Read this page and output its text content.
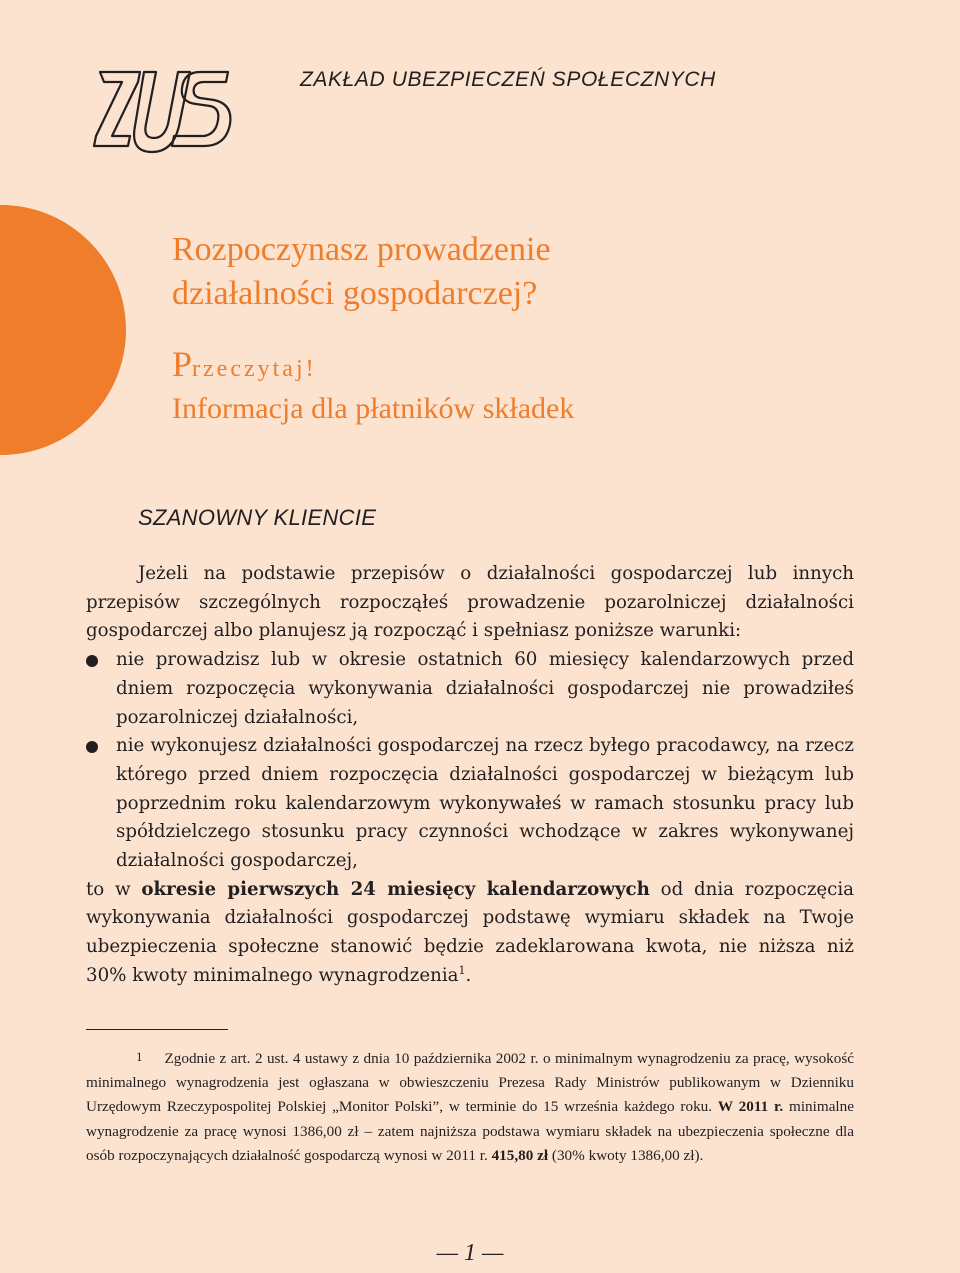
ZAKŁAD UBEZPIECZEŃ SPOŁECZNYCH
Rozpoczynasz prowadzenie
działalności gospodarczej?
Przeczytaj!
Informacja dla płatników składek
SZANOWNY KLIENCIE

Jeżeli na podstawie przepisów o działalności gospodarczej lub innych przepisów szczególnych rozpocząłeś prowadzenie pozarolniczej działalności gospodarczej albo planujesz ją rozpocząć i spełniasz poniższe warunki:

nie prowadzisz lub w okresie ostatnich 60 miesięcy kalendarzowych przed dniem rozpoczęcia wykonywania działalności gospodarczej nie prowadziłeś pozarolniczej działalności,

nie wykonujesz działalności gospodarczej na rzecz byłego pracodawcy, na rzecz którego przed dniem rozpoczęcia działalności gospodarczej w bieżącym lub poprzednim roku kalendarzowym wykonywałeś w ramach stosunku pracy lub spółdzielczego stosunku pracy czynności wchodzące w zakres wykonywanej działalności gospodarczej,

to w okresie pierwszych 24 miesięcy kalendarzowych od dnia rozpoczęcia wykonywania działalności gospodarczej podstawę wymiaru składek na Twoje ubezpieczenia społeczne stanowić będzie zadeklarowana kwota, nie niższa niż 30% kwoty minimalnego wynagrodzenia$^1$.

1 Zgodnie z art. 2 ust. 4 ustawy z dnia 10 października 2002 r. o minimalnym wynagrodzeniu za pracę, wysokość minimalnego wynagrodzenia jest ogłaszana w obwieszczeniu Prezesa Rady Ministrów publikowanym w Dzienniku Urzędowym Rzeczypospolitej Polskiej „Monitor Polski”, w terminie do 15 września każdego roku. W 2011 r. minimalne wynagrodzenie za pracę wynosi 1386,00 zł – zatem najniższa podstawa wymiaru składek na ubezpieczenia społeczne dla osób rozpoczynających działalność gospodarczą wynosi w 2011 r. 415,80 zł (30% kwoty 1386,00 zł).
— 1 —
